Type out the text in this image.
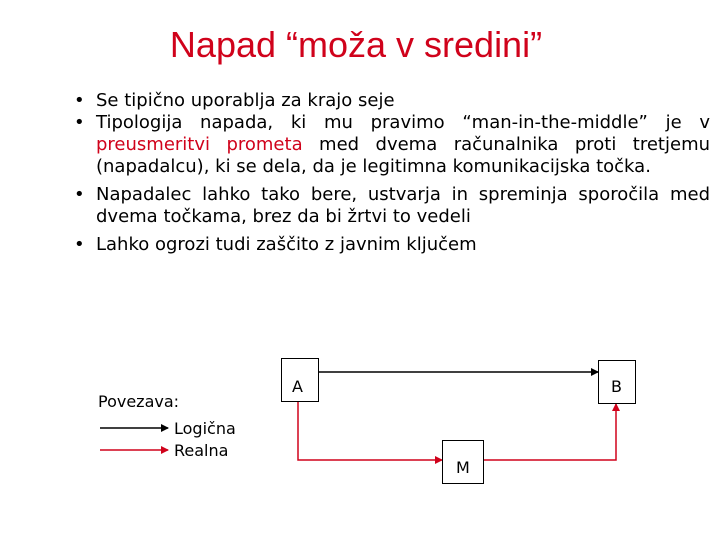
Napad “moža v sredini”
• Se tipično uporablja za krajo seje
• Tipologija napada, ki mu pravimo “man-in-the-middle” je v preusmeritvi prometa med dvema računalnika proti tretjemu (napadalcu), ki se dela, da je legitimna komunikacijska točka.
• Napadalec lahko tako bere, ustvarja in spreminja sporočila med dvema točkama, brez da bi žrtvi to vedeli
• Lahko ogrozi tudi zaščito z javnim ključem
Povezava:
Logična
Realna
A	B
M
